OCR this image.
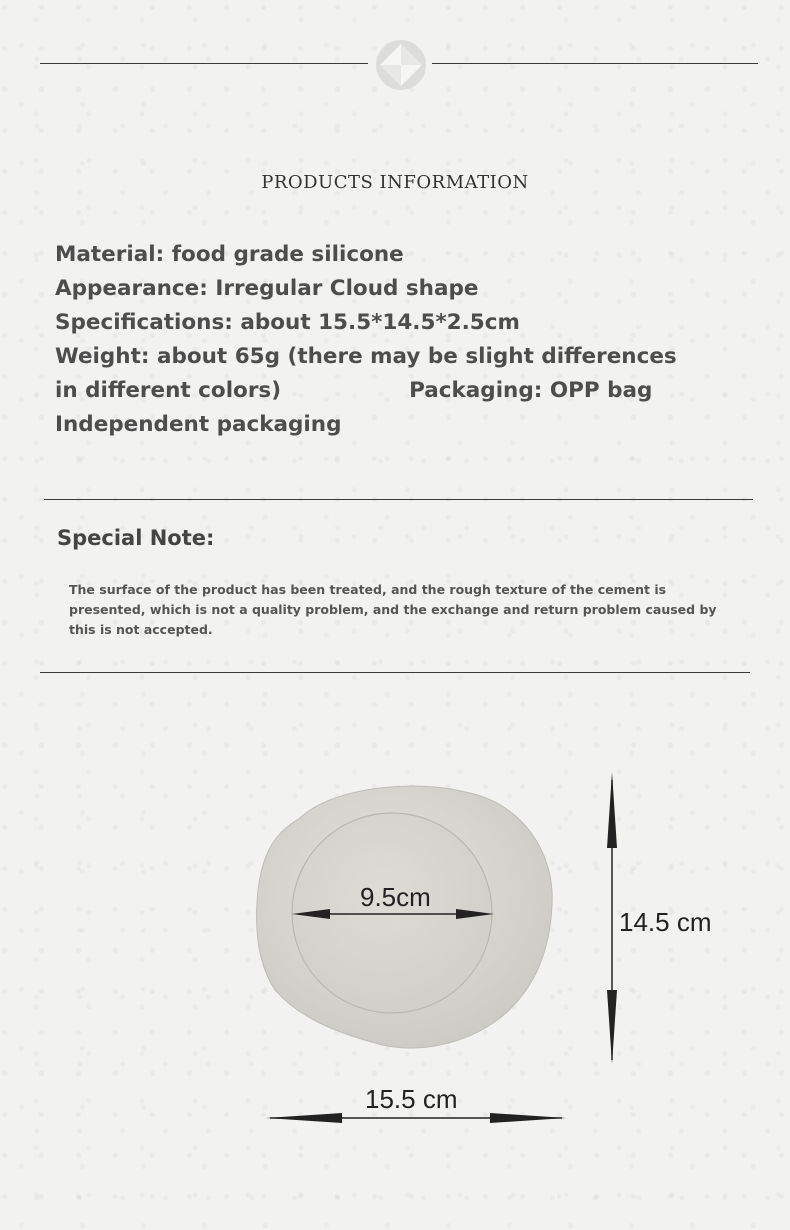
PRODUCTS INFORMATION
Material: food grade silicone
Appearance: Irregular Cloud shape
Specifications: about 15.5*14.5*2.5cm
Weight: about 65g (there may be slight differences
in different colors)	Packaging: OPP bag
Independent packaging
Special Note:
The surface of the product has been treated, and the rough texture of the cement is presented, which is not a quality problem, and the exchange and return problem caused by this is not accepted.
9.5cm
14.5 cm
15.5 cm
